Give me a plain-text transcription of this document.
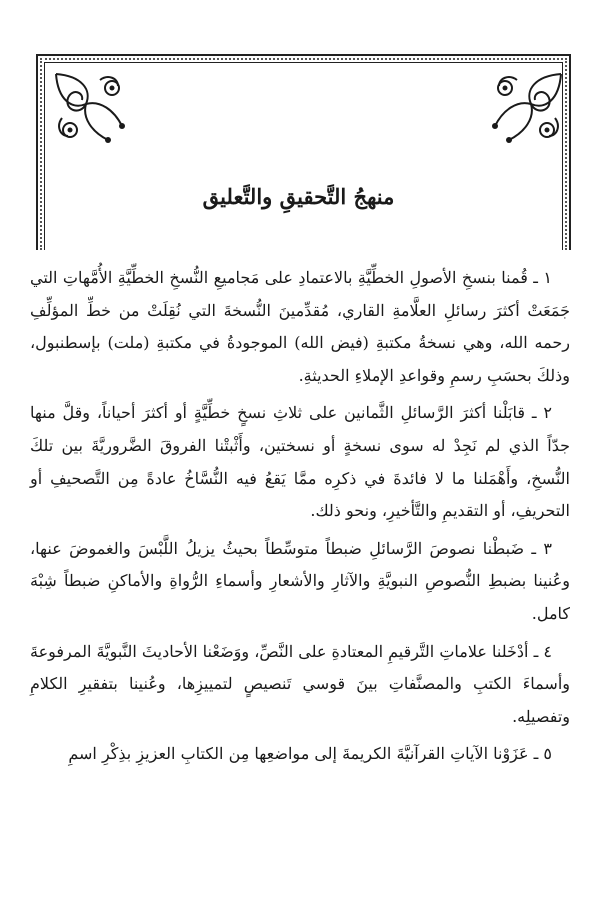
منهجُ التَّحقيقِ والتَّعليق

١ ـ قُمنا بنسخِ الأصولِ الخطِّيَّةِ بالاعتمادِ على مَجاميعِ النُّسخِ الخطِّيَّةِ الأُمَّهاتِ التي جَمَعَتْ أكثرَ رسائلِ العلَّامةِ القاري، مُقدِّمينَ النُّسخةَ التي نُقِلَتْ من خطِّ المؤلِّفِ رحمه الله، وهي نسخةُ مكتبةِ (فيض الله) الموجودةُ في مكتبةِ (ملت) بإسطنبول، وذلكَ بحسَبِ رسمِ وقواعدِ الإملاءِ الحديثةِ.

٢ ـ قابَلْنا أكثرَ الرَّسائلِ الثَّمانين على ثلاثِ نسخٍ خطِّيَّةٍ أو أكثرَ أحياناً، وقلَّ منها جدّاً الذي لم نَجِدْ له سوى نسخةٍ أو نسختين، وأَثْبتْنا الفروقَ الضَّروريَّةَ بين تلكَ النُّسخِ، وأَهْمَلنا ما لا فائدةَ في ذكرِه ممَّا يَقعُ فيه النُّسَّاخُ عادةً مِن التَّصحيفِ أو التحريفِ، أو التقديمِ والتَّأخيرِ، ونحو ذلك.

٣ ـ ضَبطْنا نصوصَ الرَّسائلِ ضبطاً متوسِّطاً بحيثُ يزيلُ اللَّبْسَ والغموضَ عنها، وعُنينا بضبطِ النُّصوصِ النبويَّةِ والآثارِ والأشعارِ وأسماءِ الرُّواةِ والأماكنِ ضبطاً شِبْهَ كامل.

٤ ـ أدْخَلنا علاماتِ التَّرقيمِ المعتادةِ على النَّصِّ، ووَضَعْنا الأحاديثَ النَّبويَّةَ المرفوعةَ وأسماءَ الكتبِ والمصنَّفاتِ بينَ قوسي تَنصيصٍ لتمييزِها، وعُنينا بتفقيرِ الكلامِ وتفصيلِه.

٥ ـ عَزَوْنا الآياتِ القرآنيَّةَ الكريمةَ إلى مواضعِها مِن الكتابِ العزيزِ بذِكْرِ اسمِ
